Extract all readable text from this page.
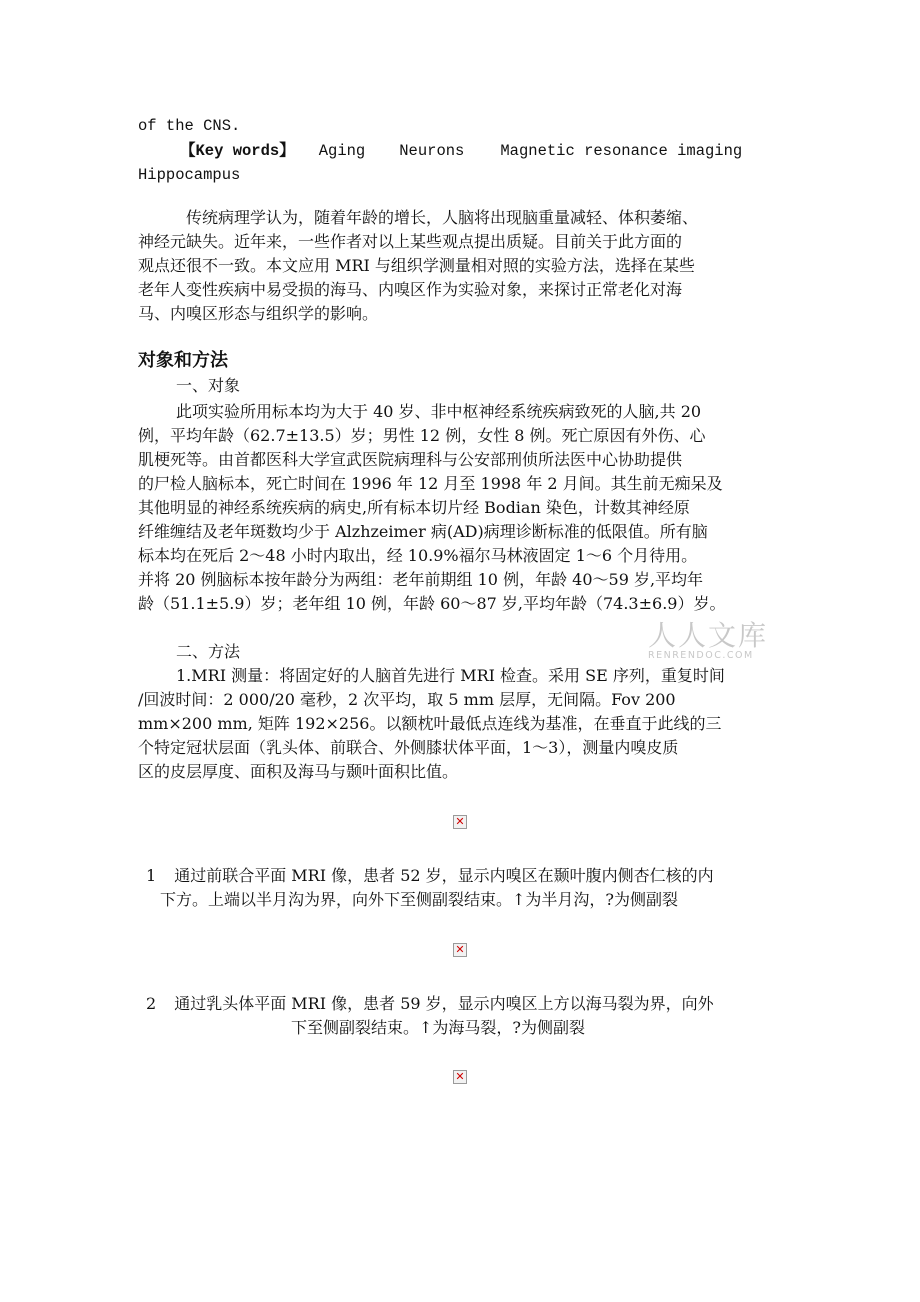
of the CNS.
【Key words】 Aging Neurons Magnetic resonance imaging
Hippocampus
传统病理学认为，随着年龄的增长，人脑将出现脑重量减轻、体积萎缩、
神经元缺失。近年来，一些作者对以上某些观点提出质疑。目前关于此方面的
观点还很不一致。本文应用 MRI 与组织学测量相对照的实验方法，选择在某些
老年人变性疾病中易受损的海马、内嗅区作为实验对象，来探讨正常老化对海
马、内嗅区形态与组织学的影响。
对象和方法
一、对象
此项实验所用标本均为大于 40 岁、非中枢神经系统疾病致死的人脑,共 20
例，平均年龄（62.7±13.5）岁；男性 12 例，女性 8 例。死亡原因有外伤、心
肌梗死等。由首都医科大学宣武医院病理科与公安部刑侦所法医中心协助提供
的尸检人脑标本，死亡时间在 1996 年 12 月至 1998 年 2 月间。其生前无痴呆及
其他明显的神经系统疾病的病史,所有标本切片经 Bodian 染色，计数其神经原
纤维缠结及老年斑数均少于 Alzhzeimer 病(AD)病理诊断标准的低限值。所有脑
标本均在死后 2～48 小时内取出，经 10.9%福尔马林液固定 1～6 个月待用。
并将 20 例脑标本按年龄分为两组：老年前期组 10 例，年龄 40～59 岁,平均年
龄（51.1±5.9）岁；老年组 10 例，年龄 60～87 岁,平均年龄（74.3±6.9）岁。
二、方法
1.MRI 测量：将固定好的人脑首先进行 MRI 检查。采用 SE 序列，重复时间
/回波时间：2 000/20 毫秒，2 次平均，取 5 mm 层厚，无间隔。Fov 200
mm×200 mm, 矩阵 192×256。以额枕叶最低点连线为基准，在垂直于此线的三
个特定冠状层面（乳头体、前联合、外侧膝状体平面，1～3），测量内嗅皮质
区的皮层厚度、面积及海马与颞叶面积比值。
人人文库
RENRENDOC.COM
✕
1 通过前联合平面 MRI 像，患者 52 岁，显示内嗅区在颞叶腹内侧杏仁核的内
下方。上端以半月沟为界，向外下至侧副裂结束。↑为半月沟，?为侧副裂
✕
2 通过乳头体平面 MRI 像，患者 59 岁，显示内嗅区上方以海马裂为界，向外
下至侧副裂结束。↑为海马裂，?为侧副裂
✕
